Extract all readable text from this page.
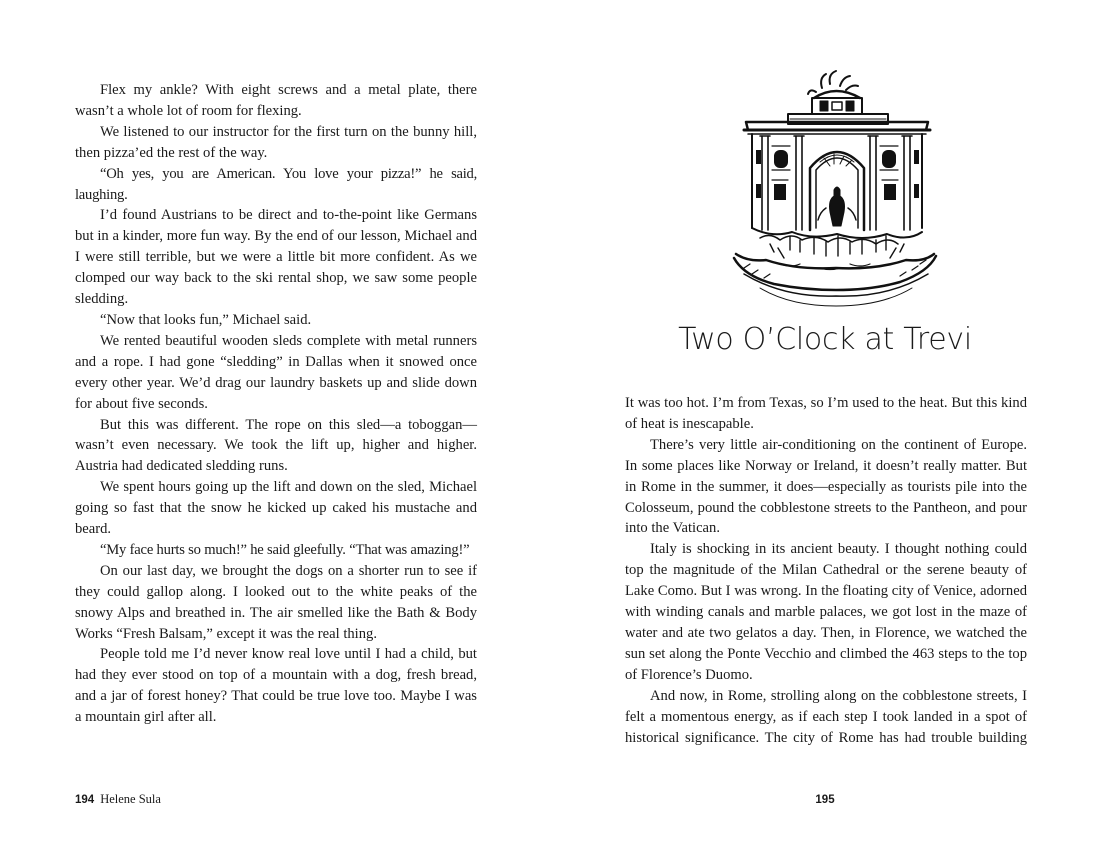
Flex my ankle? With eight screws and a metal plate, there wasn’t a whole lot of room for flexing.

We listened to our instructor for the first turn on the bunny hill, then pizza’ed the rest of the way.

“Oh yes, you are American. You love your pizza!” he said, laughing.

I’d found Austrians to be direct and to-the-point like Germans but in a kinder, more fun way. By the end of our lesson, Michael and I were still terrible, but we were a little bit more confident. As we clomped our way back to the ski rental shop, we saw some people sledding.

“Now that looks fun,” Michael said.

We rented beautiful wooden sleds complete with metal runners and a rope. I had gone “sledding” in Dallas when it snowed once every other year. We’d drag our laundry baskets up and slide down for about five seconds.

But this was different. The rope on this sled—a toboggan—wasn’t even necessary. We took the lift up, higher and higher. Austria had dedicated sledding runs.

We spent hours going up the lift and down on the sled, Michael going so fast that the snow he kicked up caked his mustache and beard.

“My face hurts so much!” he said gleefully. “That was amazing!”

On our last day, we brought the dogs on a shorter run to see if they could gallop along. I looked out to the white peaks of the snowy Alps and breathed in. The air smelled like the Bath & Body Works “Fresh Balsam,” except it was the real thing.

People told me I’d never know real love until I had a child, but had they ever stood on top of a mountain with a dog, fresh bread, and a jar of forest honey? That could be true love too. Maybe I was a mountain girl after all.

194 Helene Sula
Two O’Clock at Trevi

It was too hot. I’m from Texas, so I’m used to the heat. But this kind of heat is inescapable.

There’s very little air-conditioning on the continent of Europe. In some places like Norway or Ireland, it doesn’t really matter. But in Rome in the summer, it does—especially as tourists pile into the Colosseum, pound the cobblestone streets to the Pantheon, and pour into the Vatican.

Italy is shocking in its ancient beauty. I thought nothing could top the magnitude of the Milan Cathedral or the serene beauty of Lake Como. But I was wrong. In the floating city of Venice, adorned with winding canals and marble palaces, we got lost in the maze of water and ate two gelatos a day. Then, in Florence, we watched the sun set along the Ponte Vecchio and climbed the 463 steps to the top of Florence’s Duomo.

And now, in Rome, strolling along on the cobblestone streets, I felt a momentous energy, as if each step I took landed in a spot of historical significance. The city of Rome has had trouble building

195
